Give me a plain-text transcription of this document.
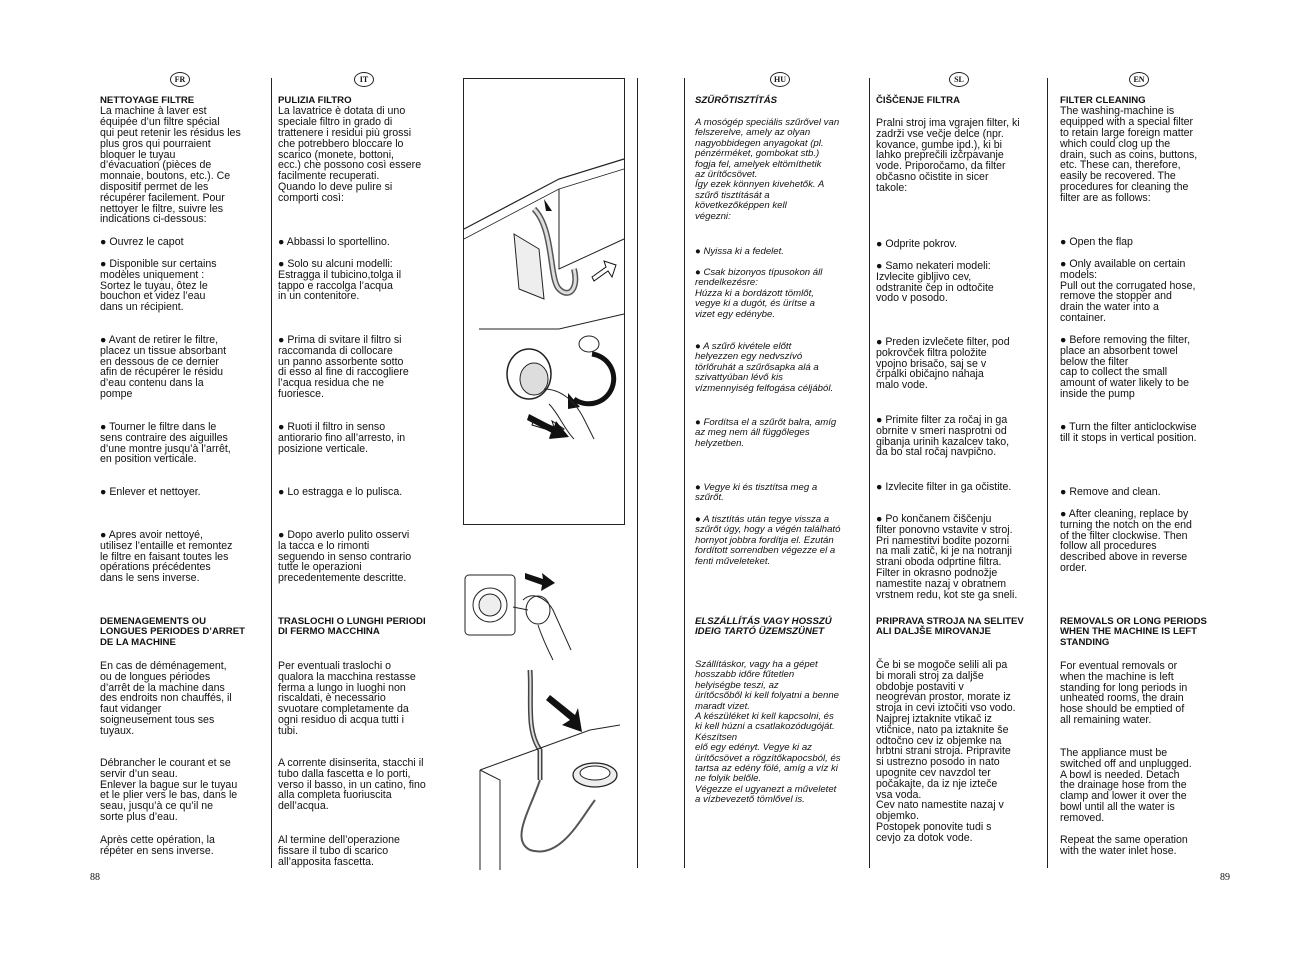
FR	IT	HU	SL	EN
NETTOYAGE FILTRE
La machine à laver est
équipée d’un filtre spécial
qui peut retenir les résidus les
plus gros qui pourraient
bloquer le tuyau
d’évacuation (pièces de
monnaie, boutons, etc.). Ce
dispositif permet de les
récupérer facilement. Pour
nettoyer le filtre, suivre les
indications ci-dessous:
● Ouvrez le capot
● Disponible sur certains
modèles uniquement :
Sortez le tuyau, ôtez le
bouchon et videz l’eau
dans un récipient.
● Avant de retirer le filtre,
placez un tissue absorbant
en dessous de ce dernier
afin de récupérer le résidu
d’eau contenu dans la
pompe
● Tourner le filtre dans le
sens contraire des aiguilles
d’une montre jusqu’à l’arrêt,
en position verticale.
● Enlever et nettoyer.
● Apres avoir nettoyé,
utilisez l’entaille et remontez
le filtre en faisant toutes les
opérations précédentes
dans le sens inverse.
DEMENAGEMENTS OU
LONGUES PERIODES D’ARRET
DE LA MACHINE
En cas de déménagement,
ou de longues périodes
d’arrêt de la machine dans
des endroits non chauffés, il
faut vidanger
soigneusement tous ses
tuyaux.
Débrancher le courant et se
servir d’un seau.
Enlever la bague sur le tuyau
et le plier vers le bas, dans le
seau, jusqu’à ce qu’il ne
sorte plus d’eau.
Après cette opération, la
répéter en sens inverse.
PULIZIA FILTRO
La lavatrice è dotata di uno
speciale filtro in grado di
trattenere i residui più grossi
che potrebbero bloccare lo
scarico (monete, bottoni,
ecc.) che possono così essere
facilmente recuperati.
Quando lo deve pulire si
comporti così:
● Abbassi lo sportellino.
● Solo su alcuni modelli:
Estragga il tubicino,tolga il
tappo e raccolga l’acqua
in un contenitore.
● Prima di svitare il filtro si
raccomanda di collocare
un panno assorbente sotto
di esso al fine di raccogliere
l’acqua residua che ne
fuoriesce.
● Ruoti il filtro in senso
antiorario fino all’arresto, in
posizione verticale.
● Lo estragga e lo pulisca.
● Dopo averlo pulito osservi
la tacca e lo rimonti
seguendo in senso contrario
tutte le operazioni
precedentemente descritte.
TRASLOCHI O LUNGHI PERIODI
DI FERMO MACCHINA
Per eventuali traslochi o
qualora la macchina restasse
ferma a lungo in luoghi non
riscaldati, è necessario
svuotare completamente da
ogni residuo di acqua tutti i
tubi.
A corrente disinserita, stacchi il
tubo dalla fascetta e lo porti,
verso il basso, in un catino, fino
alla completa fuoriuscita
dell’acqua.
Al termine dell’operazione
fissare il tubo di scarico
all’apposita fascetta.
SZŰRŐTISZTÍTÁS
A mosógép speciális szűrővel van
felszerelve, amely az olyan
nagyobbidegen anyagokat (pl.
pénzérméket, gombokat stb.)
fogja fel, amelyek eltömíthetik
az ürítőcsövet.
Így ezek könnyen kivehetők. A
szűrő tisztítását a
következőképpen kell
végezni:
● Nyissa ki a fedelet.
● Csak bizonyos típusokon áll
rendelkezésre:
Húzza ki a bordázott tömlőt,
vegye ki a dugót, és ürítse a
vizet egy edénybe.
● A szűrő kivétele előtt
helyezzen egy nedvszívó
törlőruhát a szűrősapka alá a
szivattyúban lévő kis
vízmennyiség felfogása céljából.
● Fordítsa el a szűrőt balra, amíg
az meg nem áll függőleges
helyzetben.
● Vegye ki és tisztítsa meg a
szűrőt.
● A tisztítás után tegye vissza a
szűrőt úgy, hogy a végén található
hornyot jobbra fordítja el. Ezután
fordított sorrendben végezze el a
fenti műveleteket.
ELSZÁLLÍTÁS VAGY HOSSZÚ
IDEIG TARTÓ ÜZEMSZÜNET
Szállításkor, vagy ha a gépet
hosszabb időre fűtetlen
helyiségbe teszi, az
ürítőcsőből ki kell folyatni a benne
maradt vizet.
A készüléket ki kell kapcsolni, és
ki kell húzni a csatlakozódugóját.
Készítsen
elő egy edényt. Vegye ki az
ürítőcsövet a rögzítőkapocsból, és
tartsa az edény fölé, amíg a víz ki
ne folyik belőle.
Végezze el ugyanezt a műveletet
a vízbevezető tömlővel is.
ČIŠČENJE FILTRA
Pralni stroj ima vgrajen filter, ki
zadrži vse večje delce (npr.
kovance, gumbe ipd.), ki bi
lahko preprečili izčrpavanje
vode. Priporočamo, da filter
občasno očistite in sicer
takole:
● Odprite pokrov.
● Samo nekateri modeli:
Izvlecite gibljivo cev,
odstranite čep in odtočite
vodo v posodo.
● Preden izvlečete filter, pod
pokrovček filtra položite
vpojno brisačo, saj se v
črpalki običajno nahaja
malo vode.
● Primite filter za ročaj in ga
obrnite v smeri nasprotni od
gibanja urinih kazalcev tako,
da bo stal ročaj navpično.
● Izvlecite filter in ga očistite.
● Po končanem čiščenju
filter ponovno vstavite v stroj.
Pri namestitvi bodite pozorni
na mali zatič, ki je na notranji
strani obodа odprtine filtra.
Filter in okrasno podnožje
namestite nazaj v obratnem
vrstnem redu, kot ste ga sneli.
PRIPRAVA STROJA NA SELITEV
ALI DALJŠE MIROVANJE
Če bi se mogoče selili ali pa
bi morali stroj za daljše
obdobje postaviti v
neogrevan prostor, morate iz
stroja in cevi iztočiti vso vodo.
Najprej iztaknite vtikač iz
vtičnice, nato pa iztaknite še
odtočno cev iz objemke na
hrbtni strani stroja. Pripravite
si ustrezno posodo in nato
upognite cev navzdol ter
počakajte, da iz nje izteče
vsa voda.
Cev nato namestite nazaj v
objemko.
Postopek ponovite tudi s
cevjo za dotok vode.
FILTER CLEANING
The washing-machine is
equipped with a special filter
to retain large foreign matter
which could clog up the
drain, such as coins, buttons,
etc. These can, therefore,
easily be recovered. The
procedures for cleaning the
filter are as follows:
● Open the flap
● Only available on certain
models:
Pull out the corrugated hose,
remove the stopper and
drain the water into a
container.
● Before removing the filter,
place an absorbent towel
below the filter
cap to collect the small
amount of water likely to be
inside the pump
● Turn the filter anticlockwise
till it stops in vertical position.
● Remove and clean.
● After cleaning, replace by
turning the notch on the end
of the filter clockwise. Then
follow all procedures
described above in reverse
order.
REMOVALS OR LONG PERIODS
WHEN THE MACHINE IS LEFT
STANDING
For eventual removals or
when the machine is left
standing for long periods in
unheated rooms, the drain
hose should be emptied of
all remaining water.
The appliance must be
switched off and unplugged.
A bowl is needed. Detach
the drainage hose from the
clamp and lower it over the
bowl until all the water is
removed.
Repeat the same operation
with the water inlet hose.
88	89
